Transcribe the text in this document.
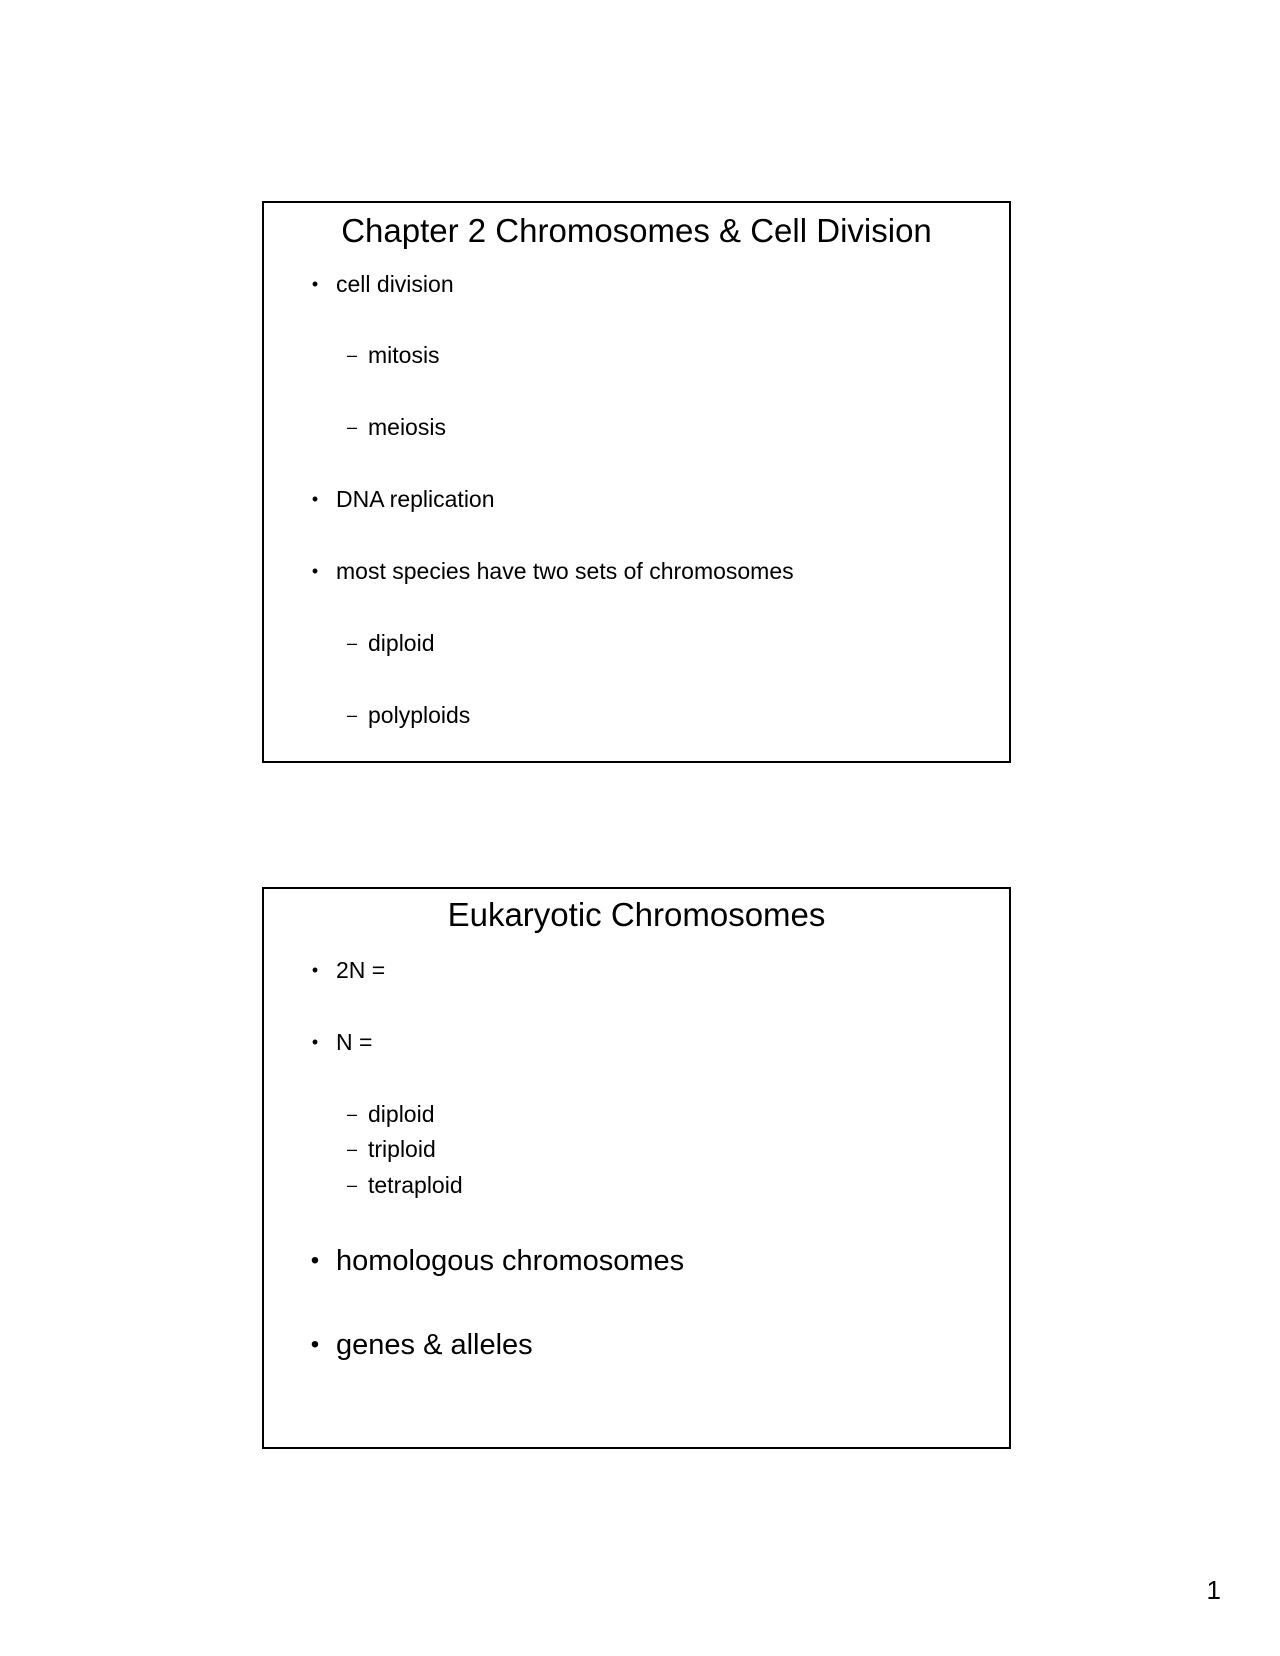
Chapter 2 Chromosomes & Cell Division
• cell division
– mitosis
– meiosis
• DNA replication
• most species have two sets of chromosomes
– diploid
– polyploids
Eukaryotic Chromosomes
• 2N =
• N =
– diploid
– triploid
– tetraploid
• homologous chromosomes
• genes & alleles
1
